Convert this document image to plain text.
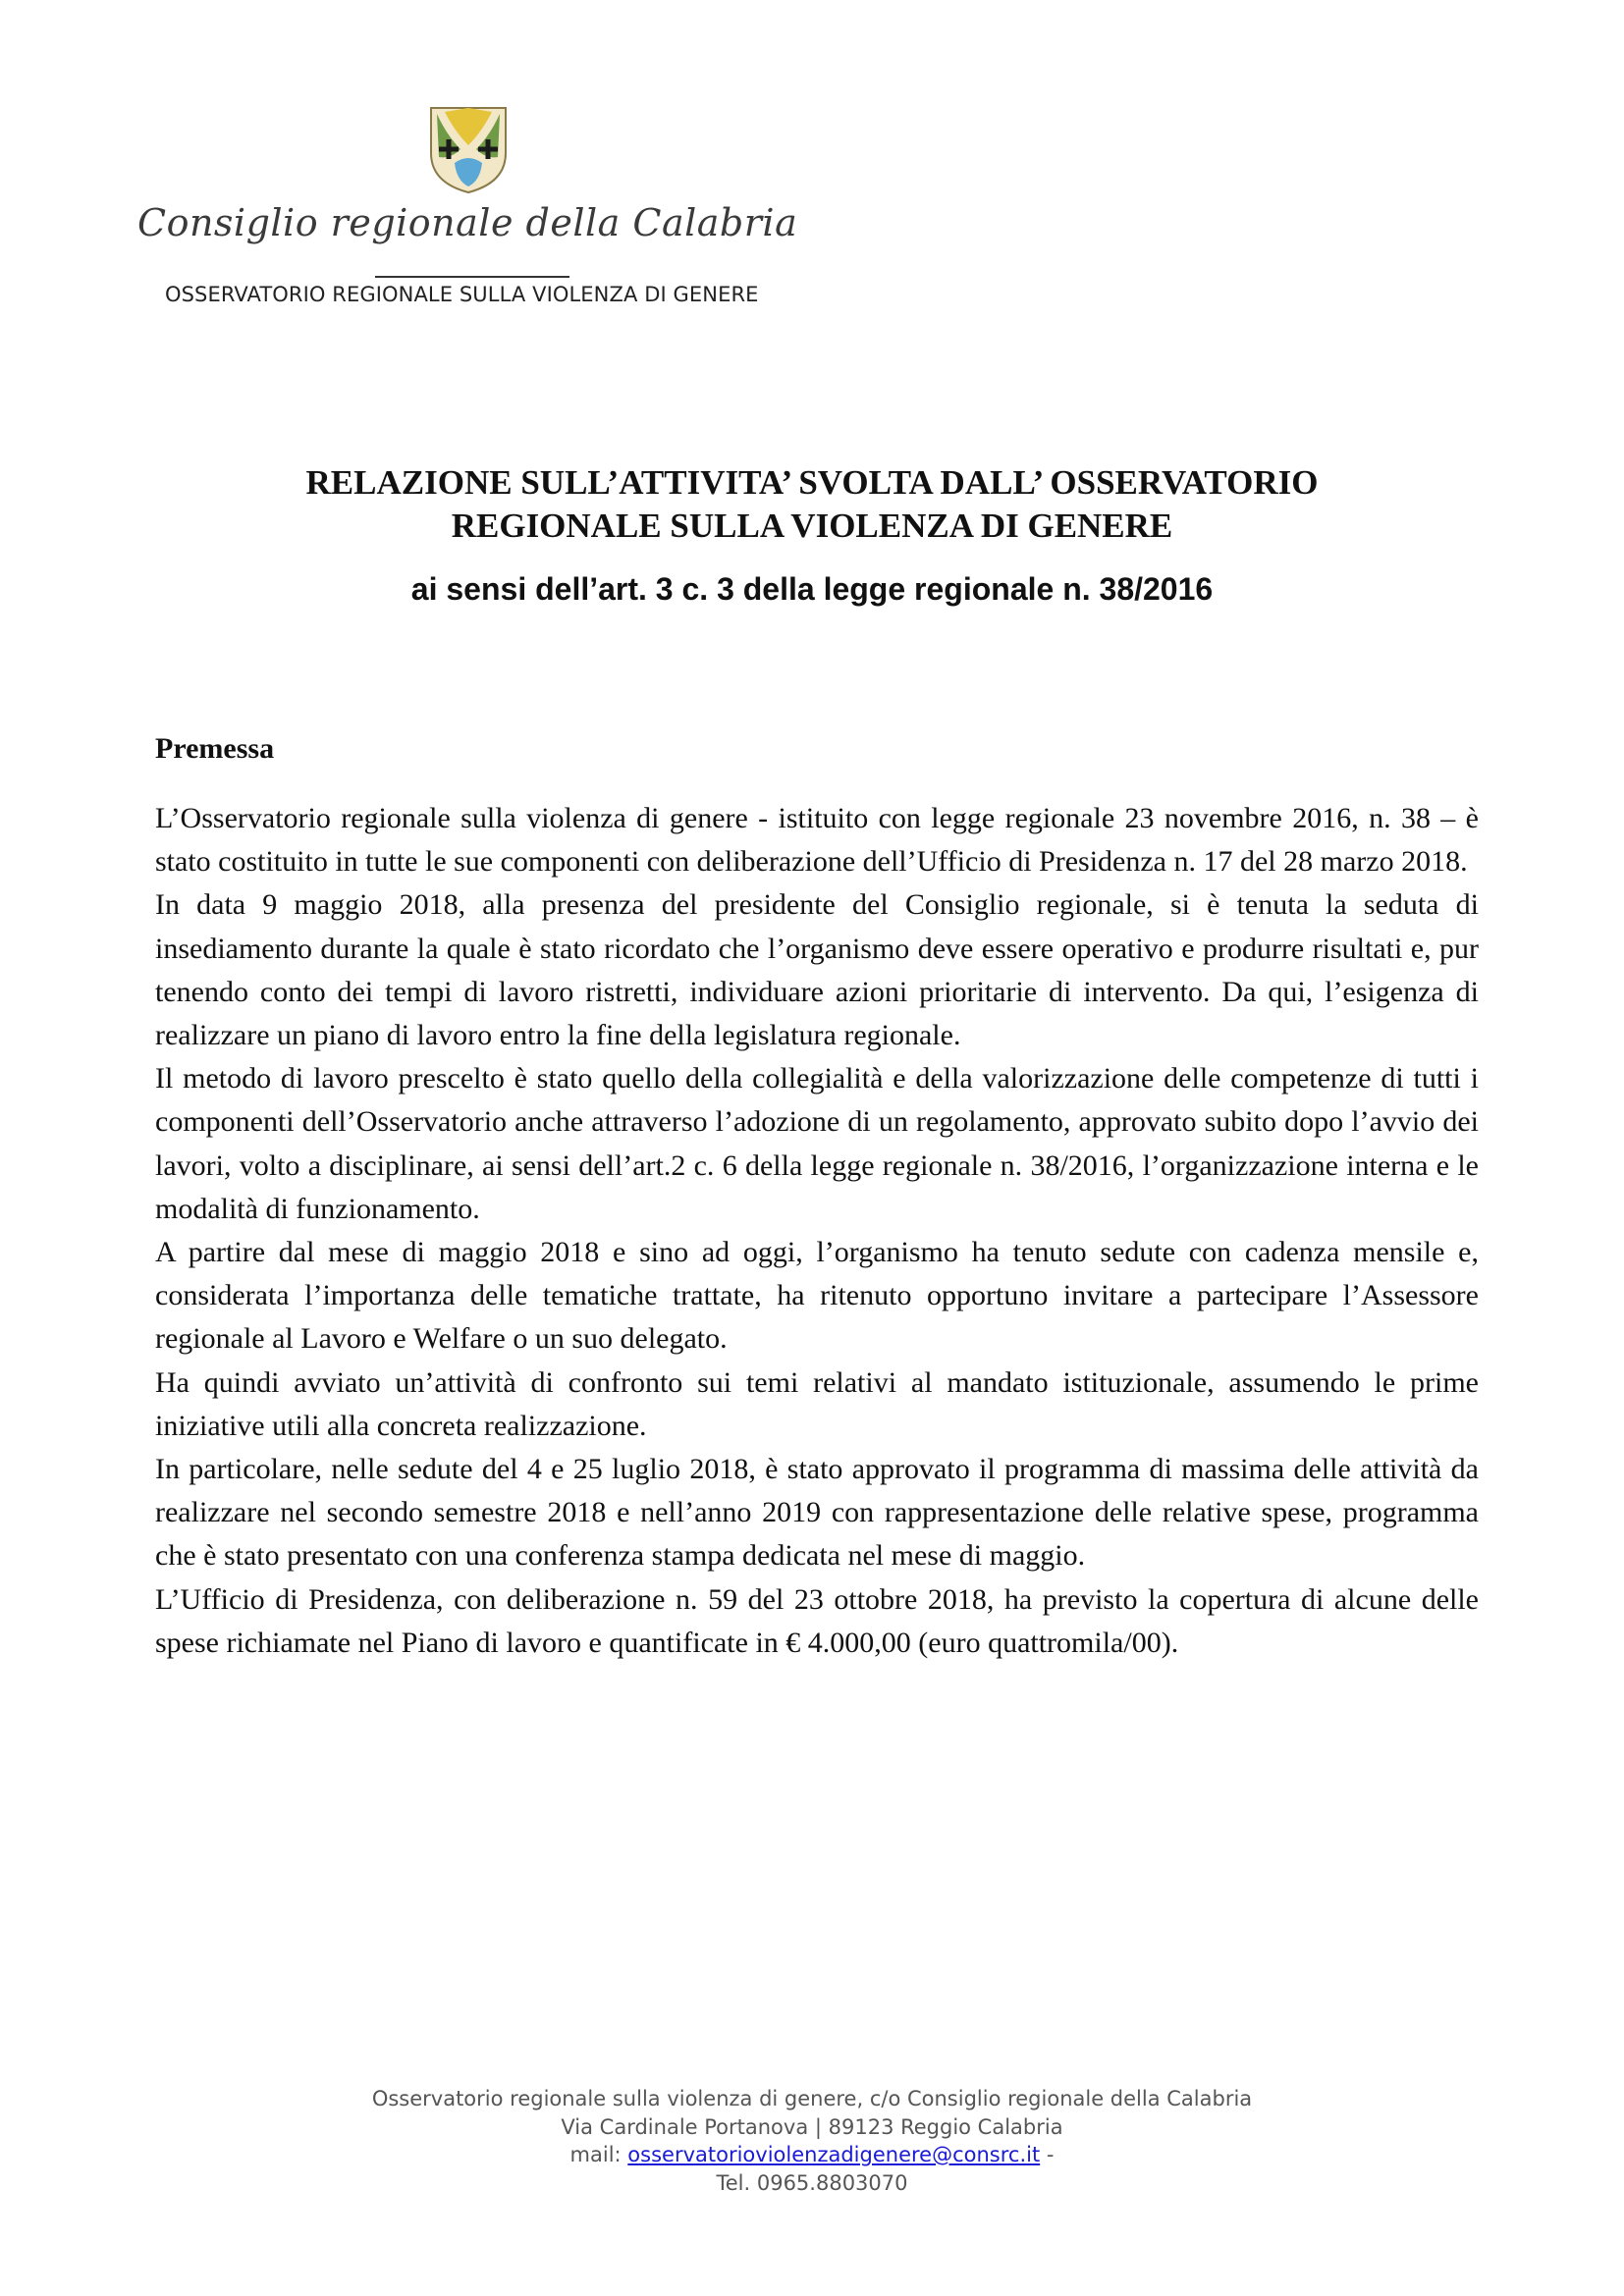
Consiglio regionale della Calabria
OSSERVATORIO REGIONALE SULLA VIOLENZA DI GENERE
RELAZIONE SULL’ATTIVITA’ SVOLTA DALL’ OSSERVATORIO
REGIONALE SULLA VIOLENZA DI GENERE
ai sensi dell’art. 3 c. 3 della legge regionale n. 38/2016
Premessa

L’Osservatorio regionale sulla violenza di genere - istituito con legge regionale 23 novembre 2016, n. 38 – è stato costituito in tutte le sue componenti con deliberazione dell’Ufficio di Presidenza n. 17 del 28 marzo 2018.

In data 9 maggio 2018, alla presenza del presidente del Consiglio regionale, si è tenuta la seduta di insediamento durante la quale è stato ricordato che l’organismo deve essere operativo e produrre risultati e, pur tenendo conto dei tempi di lavoro ristretti, individuare azioni prioritarie di intervento. Da qui, l’esigenza di realizzare un piano di lavoro entro la fine della legislatura regionale.

Il metodo di lavoro prescelto è stato quello della collegialità e della valorizzazione delle competenze di tutti i componenti dell’Osservatorio anche attraverso l’adozione di un regolamento, approvato subito dopo l’avvio dei lavori, volto a disciplinare, ai sensi dell’art.2 c. 6 della legge regionale n. 38/2016, l’organizzazione interna e le modalità di funzionamento.

A partire dal mese di maggio 2018 e sino ad oggi, l’organismo ha tenuto sedute con cadenza mensile e, considerata l’importanza delle tematiche trattate, ha ritenuto opportuno invitare a partecipare l’Assessore regionale al Lavoro e Welfare o un suo delegato.

Ha quindi avviato un’attività di confronto sui temi relativi al mandato istituzionale, assumendo le prime iniziative utili alla concreta realizzazione.

In particolare, nelle sedute del 4 e 25 luglio 2018, è stato approvato il programma di massima delle attività da realizzare nel secondo semestre 2018 e nell’anno 2019 con rappresentazione delle relative spese, programma che è stato presentato con una conferenza stampa dedicata nel mese di maggio.

L’Ufficio di Presidenza, con deliberazione n. 59 del 23 ottobre 2018, ha previsto la copertura di alcune delle spese richiamate nel Piano di lavoro e quantificate in € 4.000,00 (euro quattromila/00).

Osservatorio regionale sulla violenza di genere, c/o Consiglio regionale della Calabria
Via Cardinale Portanova | 89123 Reggio Calabria
mail: osservatorioviolenzadigenere@consrc.it -
Tel. 0965.8803070
